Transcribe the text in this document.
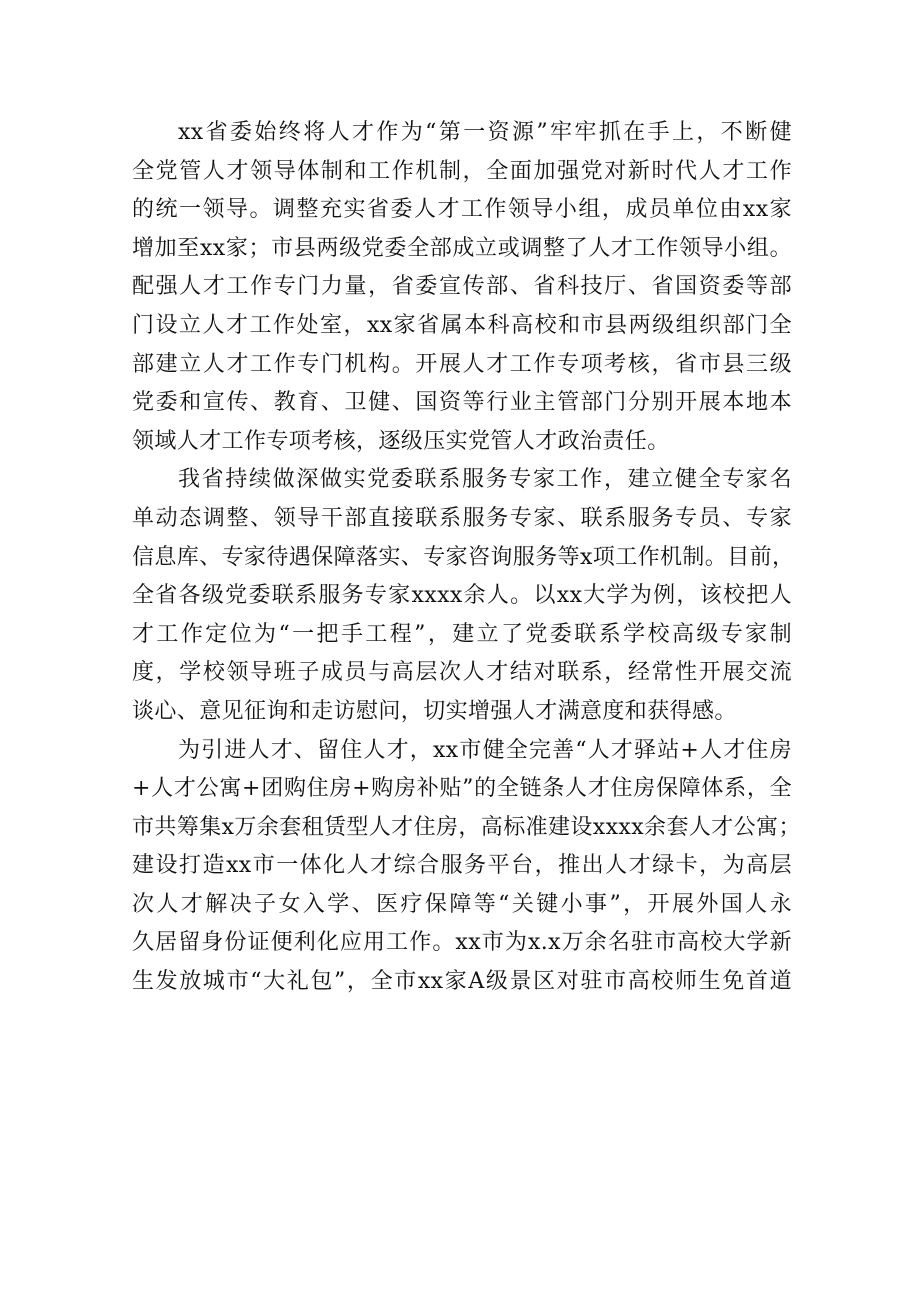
xx省委始终将人才作为“第一资源”牢牢抓在手上，不断健
全党管人才领导体制和工作机制，全面加强党对新时代人才工作
的统一领导。调整充实省委人才工作领导小组，成员单位由xx家
增加至xx家；市县两级党委全部成立或调整了人才工作领导小组。
配强人才工作专门力量，省委宣传部、省科技厅、省国资委等部
门设立人才工作处室，xx家省属本科高校和市县两级组织部门全
部建立人才工作专门机构。开展人才工作专项考核，省市县三级
党委和宣传、教育、卫健、国资等行业主管部门分别开展本地本
领域人才工作专项考核，逐级压实党管人才政治责任。
我省持续做深做实党委联系服务专家工作，建立健全专家名
单动态调整、领导干部直接联系服务专家、联系服务专员、专家
信息库、专家待遇保障落实、专家咨询服务等x项工作机制。目前，
全省各级党委联系服务专家xxxx余人。以xx大学为例，该校把人
才工作定位为“一把手工程”，建立了党委联系学校高级专家制
度，学校领导班子成员与高层次人才结对联系，经常性开展交流
谈心、意见征询和走访慰问，切实增强人才满意度和获得感。
为引进人才、留住人才，xx市健全完善“人才驿站+人才住房
+人才公寓+团购住房+购房补贴”的全链条人才住房保障体系，全
市共筹集x万余套租赁型人才住房，高标准建设xxxx余套人才公寓；
建设打造xx市一体化人才综合服务平台，推出人才绿卡，为高层
次人才解决子女入学、医疗保障等“关键小事”，开展外国人永
久居留身份证便利化应用工作。xx市为x.x万余名驻市高校大学新
生发放城市“大礼包”，全市xx家A级景区对驻市高校师生免首道
